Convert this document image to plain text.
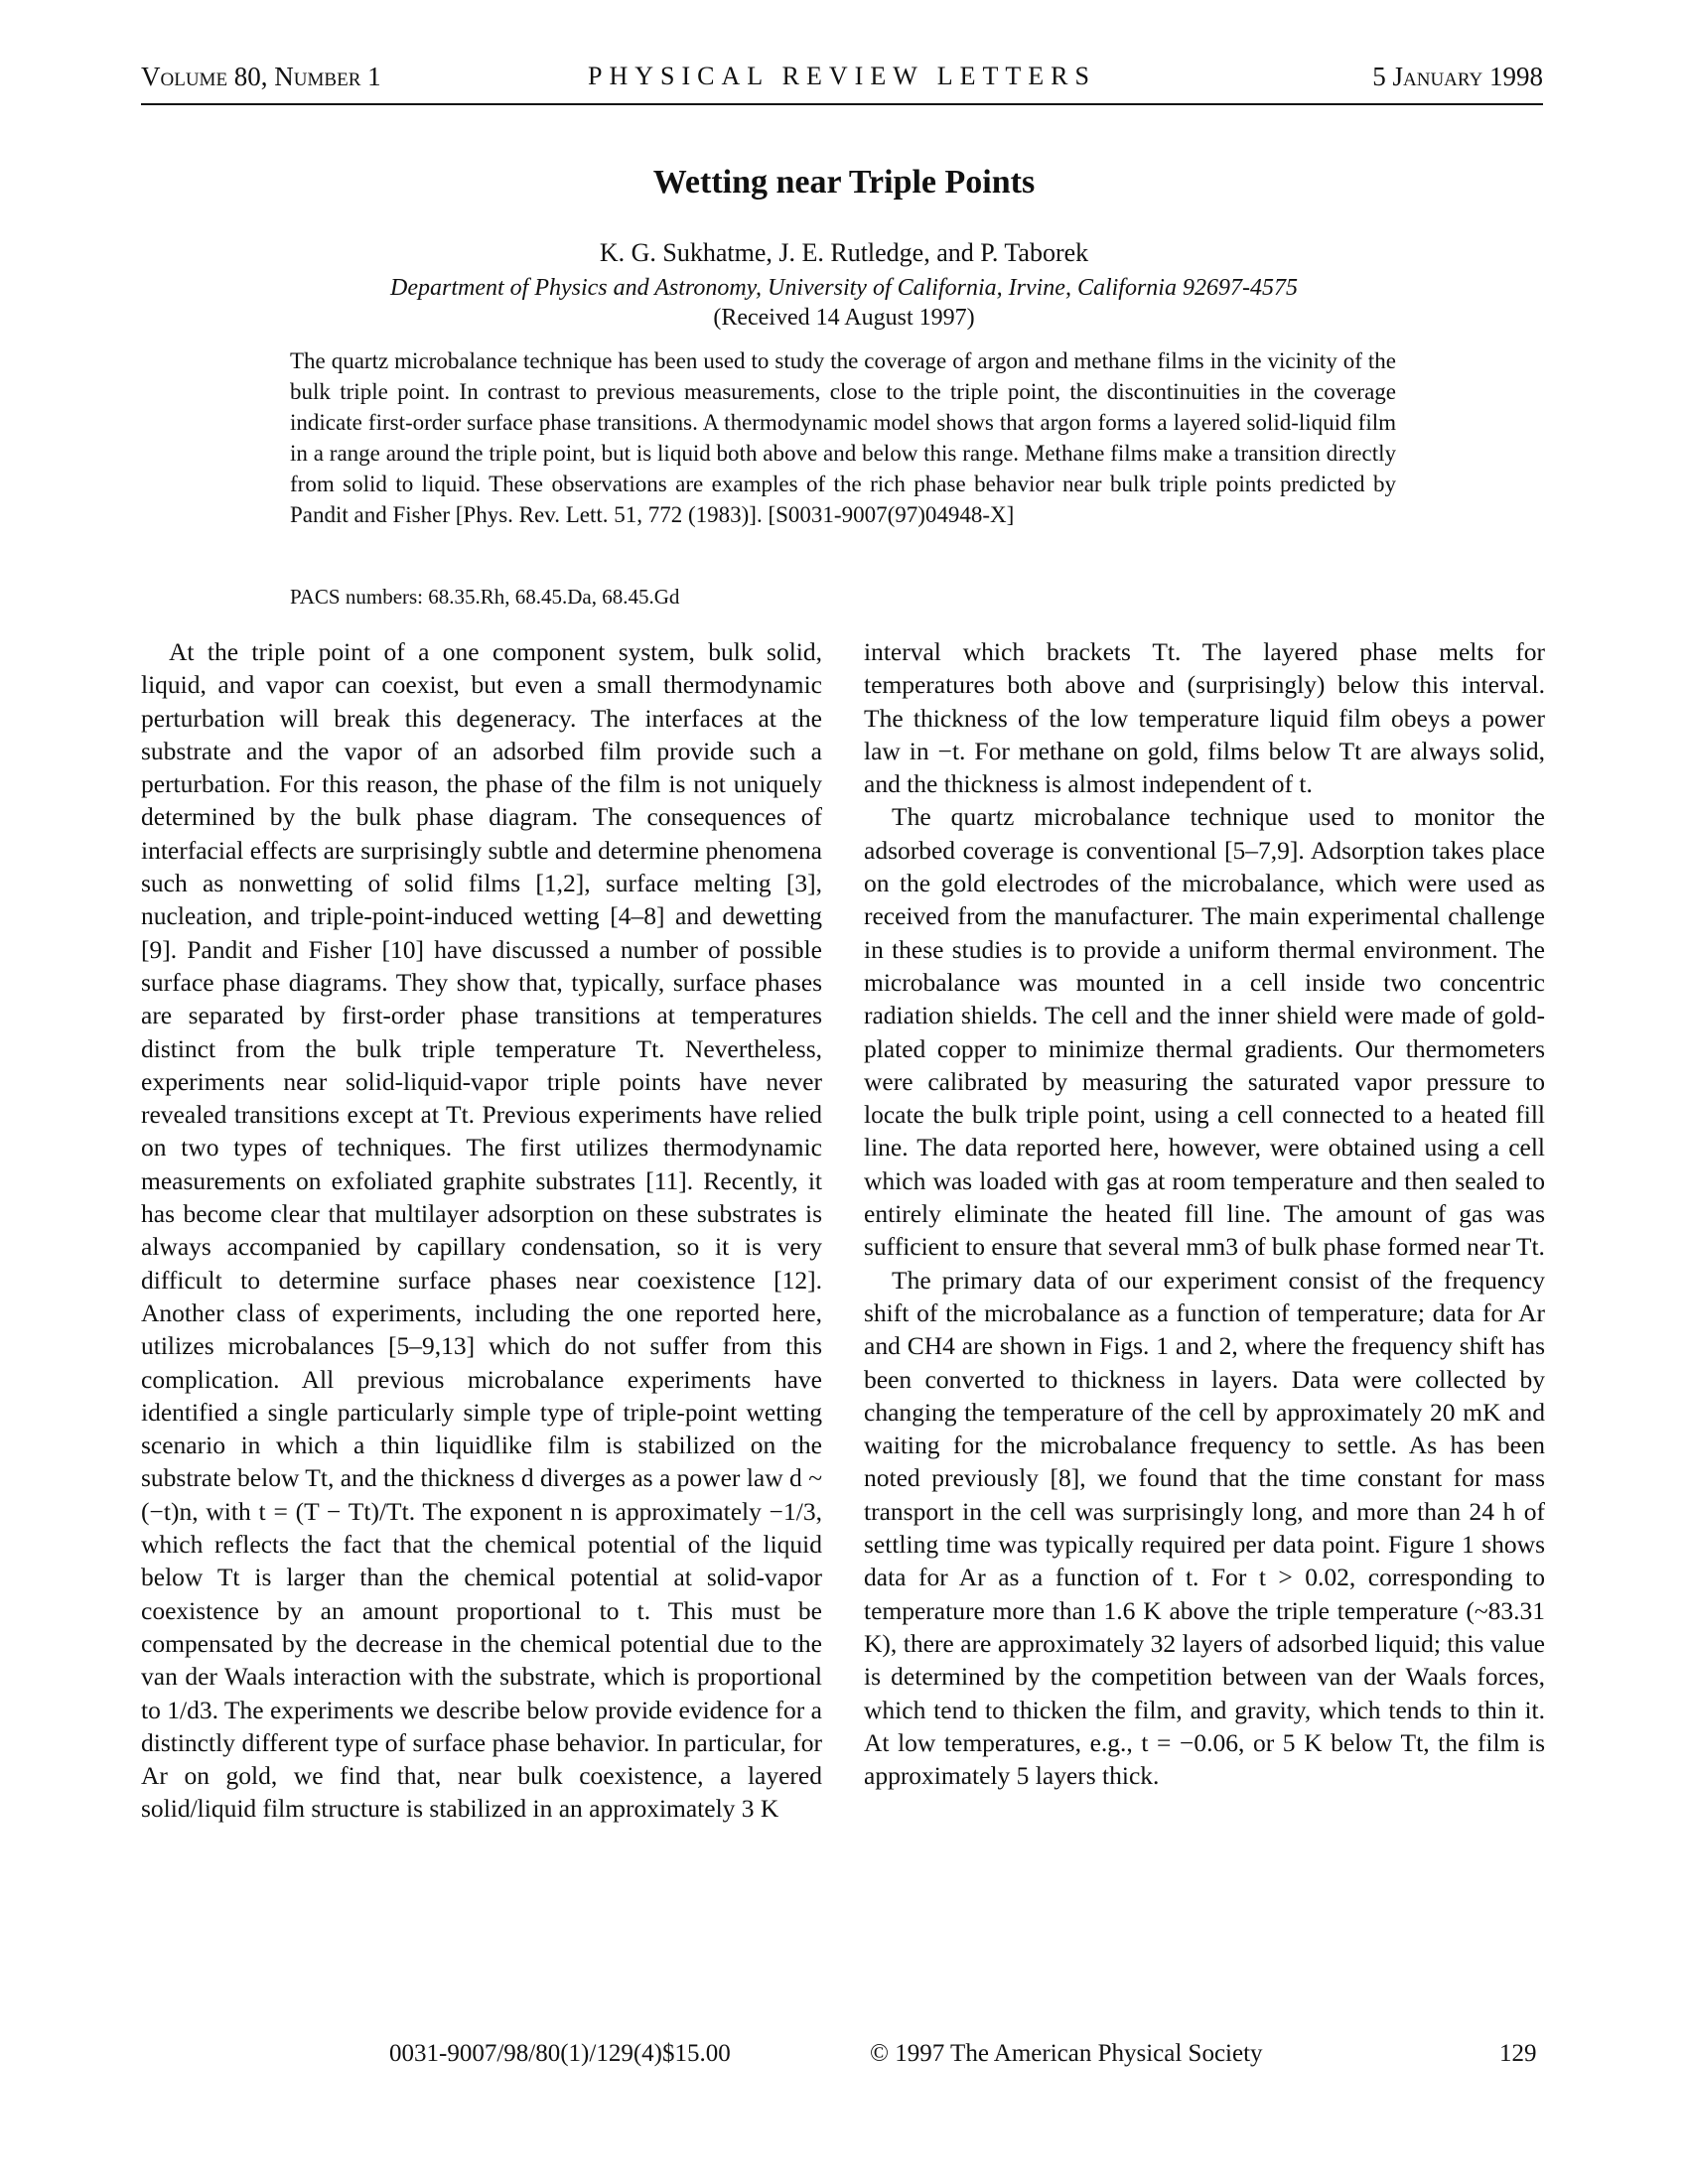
Volume 80, Number 1	PHYSICAL REVIEW LETTERS	5 January 1998
Wetting near Triple Points
K. G. Sukhatme, J. E. Rutledge, and P. Taborek
Department of Physics and Astronomy, University of California, Irvine, California 92697-4575
(Received 14 August 1997)
The quartz microbalance technique has been used to study the coverage of argon and methane films in the vicinity of the bulk triple point. In contrast to previous measurements, close to the triple point, the discontinuities in the coverage indicate first-order surface phase transitions. A thermodynamic model shows that argon forms a layered solid-liquid film in a range around the triple point, but is liquid both above and below this range. Methane films make a transition directly from solid to liquid. These observations are examples of the rich phase behavior near bulk triple points predicted by Pandit and Fisher [Phys. Rev. Lett. 51, 772 (1983)]. [S0031-9007(97)04948-X]
PACS numbers: 68.35.Rh, 68.45.Da, 68.45.Gd

At the triple point of a one component system, bulk solid, liquid, and vapor can coexist, but even a small thermodynamic perturbation will break this degeneracy. The interfaces at the substrate and the vapor of an adsorbed film provide such a perturbation. For this reason, the phase of the film is not uniquely determined by the bulk phase diagram. The consequences of interfacial effects are surprisingly subtle and determine phenomena such as nonwetting of solid films [1,2], surface melting [3], nucleation, and triple-point-induced wetting [4–8] and dewetting [9]. Pandit and Fisher [10] have discussed a number of possible surface phase diagrams. They show that, typically, surface phases are separated by first-order phase transitions at temperatures distinct from the bulk triple temperature Tt. Nevertheless, experiments near solid-liquid-vapor triple points have never revealed transitions except at Tt. Previous experiments have relied on two types of techniques. The first utilizes thermodynamic measurements on exfoliated graphite substrates [11]. Recently, it has become clear that multilayer adsorption on these substrates is always accompanied by capillary condensation, so it is very difficult to determine surface phases near coexistence [12]. Another class of experiments, including the one reported here, utilizes microbalances [5–9,13] which do not suffer from this complication. All previous microbalance experiments have identified a single particularly simple type of triple-point wetting scenario in which a thin liquidlike film is stabilized on the substrate below Tt, and the thickness d diverges as a power law d ~ (−t)n, with t = (T − Tt)/Tt. The exponent n is approximately −1/3, which reflects the fact that the chemical potential of the liquid below Tt is larger than the chemical potential at solid-vapor coexistence by an amount proportional to t. This must be compensated by the decrease in the chemical potential due to the van der Waals interaction with the substrate, which is proportional to 1/d3. The experiments we describe below provide evidence for a distinctly different type of surface phase behavior. In particular, for Ar on gold, we find that, near bulk coexistence, a layered solid/liquid film structure is stabilized in an approximately 3 K

interval which brackets Tt. The layered phase melts for temperatures both above and (surprisingly) below this interval. The thickness of the low temperature liquid film obeys a power law in −t. For methane on gold, films below Tt are always solid, and the thickness is almost independent of t.

The quartz microbalance technique used to monitor the adsorbed coverage is conventional [5–7,9]. Adsorption takes place on the gold electrodes of the microbalance, which were used as received from the manufacturer. The main experimental challenge in these studies is to provide a uniform thermal environment. The microbalance was mounted in a cell inside two concentric radiation shields. The cell and the inner shield were made of gold-plated copper to minimize thermal gradients. Our thermometers were calibrated by measuring the saturated vapor pressure to locate the bulk triple point, using a cell connected to a heated fill line. The data reported here, however, were obtained using a cell which was loaded with gas at room temperature and then sealed to entirely eliminate the heated fill line. The amount of gas was sufficient to ensure that several mm3 of bulk phase formed near Tt.

The primary data of our experiment consist of the frequency shift of the microbalance as a function of temperature; data for Ar and CH4 are shown in Figs. 1 and 2, where the frequency shift has been converted to thickness in layers. Data were collected by changing the temperature of the cell by approximately 20 mK and waiting for the microbalance frequency to settle. As has been noted previously [8], we found that the time constant for mass transport in the cell was surprisingly long, and more than 24 h of settling time was typically required per data point. Figure 1 shows data for Ar as a function of t. For t > 0.02, corresponding to temperature more than 1.6 K above the triple temperature (~83.31 K), there are approximately 32 layers of adsorbed liquid; this value is determined by the competition between van der Waals forces, which tend to thicken the film, and gravity, which tends to thin it. At low temperatures, e.g., t = −0.06, or 5 K below Tt, the film is approximately 5 layers thick.

0031-9007/98/80(1)/129(4)$15.00	© 1997 The American Physical Society	129
